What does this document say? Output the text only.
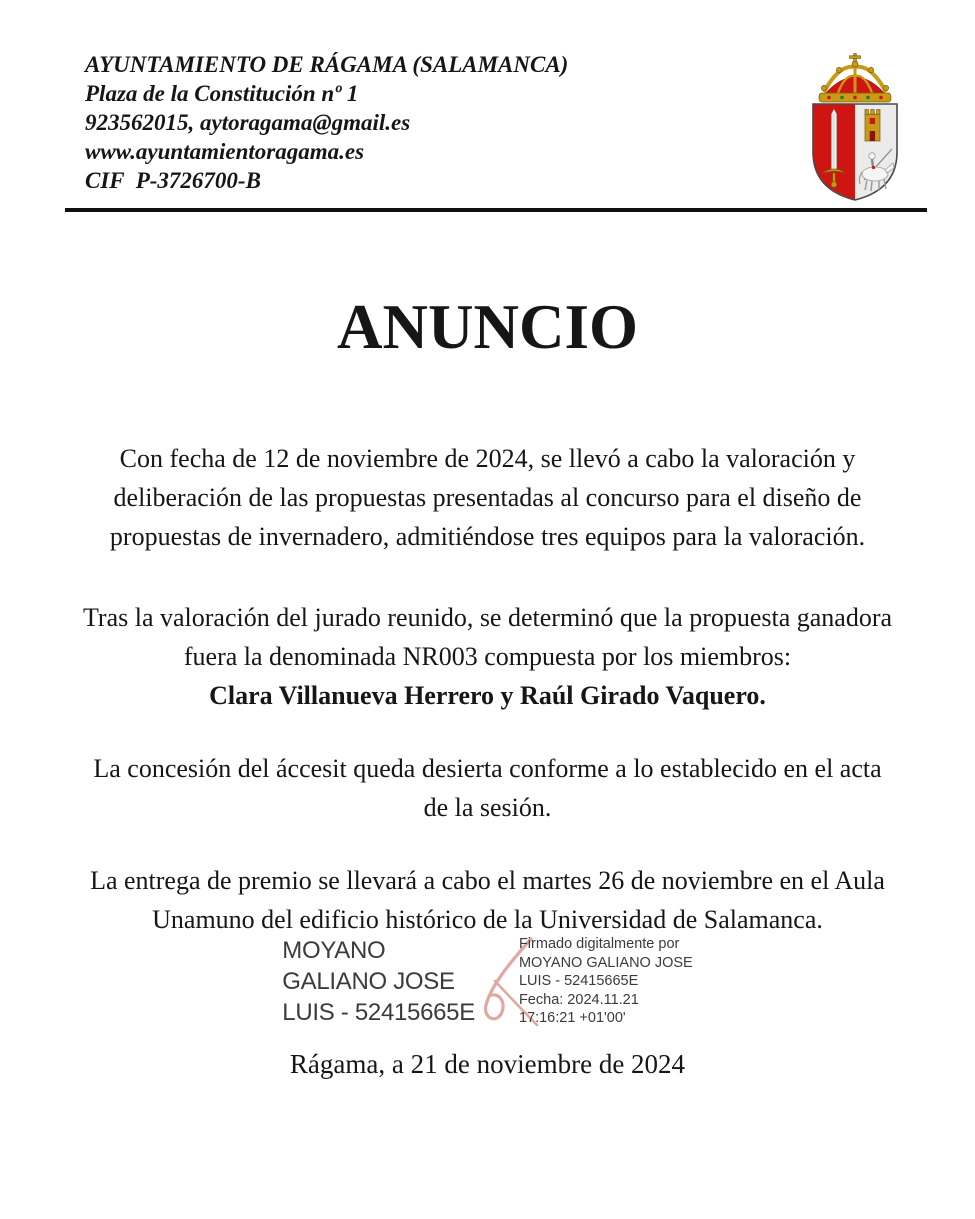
AYUNTAMIENTO DE RÁGAMA (SALAMANCA)
Plaza de la Constitución nº 1
923562015, aytoragama@gmail.es
www.ayuntamientoragama.es
CIF  P-3726700-B
ANUNCIO

Con fecha de 12 de noviembre de 2024, se llevó a cabo la valoración y deliberación de las propuestas presentadas al concurso para el diseño de propuestas de invernadero, admitiéndose tres equipos para la valoración.

Tras la valoración del jurado reunido, se determinó que la propuesta ganadora fuera la denominada NR003 compuesta por los miembros:
Clara Villanueva Herrero y Raúl Girado Vaquero.

La concesión del áccesit queda desierta conforme a lo establecido en el acta de la sesión.

La entrega de premio se llevará a cabo el martes 26 de noviembre en el Aula Unamuno del edificio histórico de la Universidad de Salamanca.

MOYANO
GALIANO JOSE
LUIS - 52415665E
Firmado digitalmente por
MOYANO GALIANO JOSE
LUIS - 52415665E
Fecha: 2024.11.21
17:16:21 +01'00'

Rágama, a 21 de noviembre de 2024
